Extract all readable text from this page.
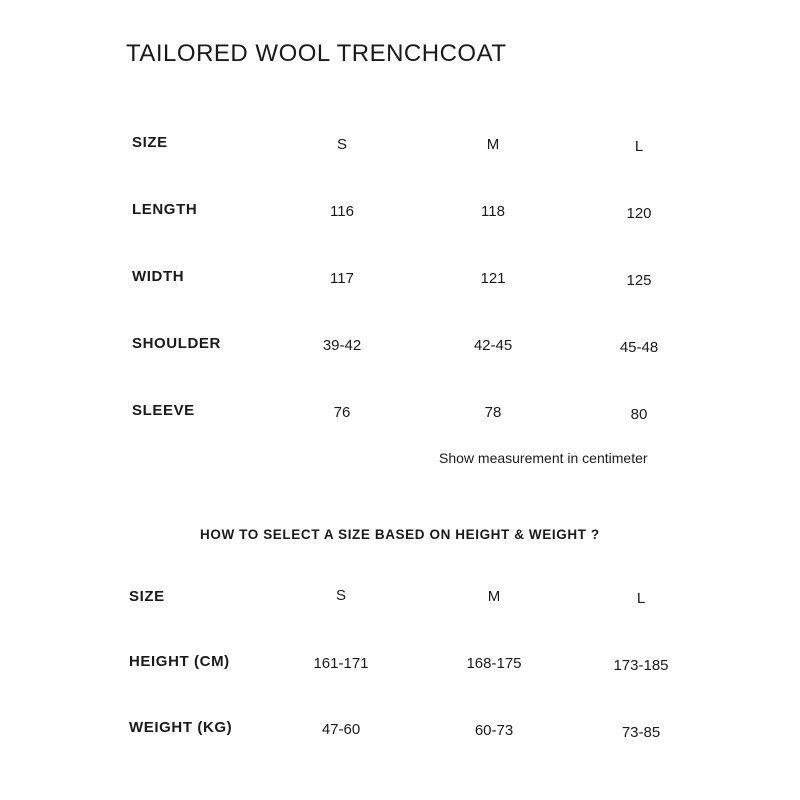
TAILORED WOOL TRENCHCOAT
SIZE	S	M	L
LENGTH	116	118	120
WIDTH	117	121	125
SHOULDER	39-42	42-45	45-48
SLEEVE	76	78	80
Show measurement in centimeter
HOW TO SELECT A SIZE BASED ON HEIGHT & WEIGHT ?
SIZE	S	M	L
HEIGHT (CM)	161-171	168-175	173-185
WEIGHT (KG)	47-60	60-73	73-85
